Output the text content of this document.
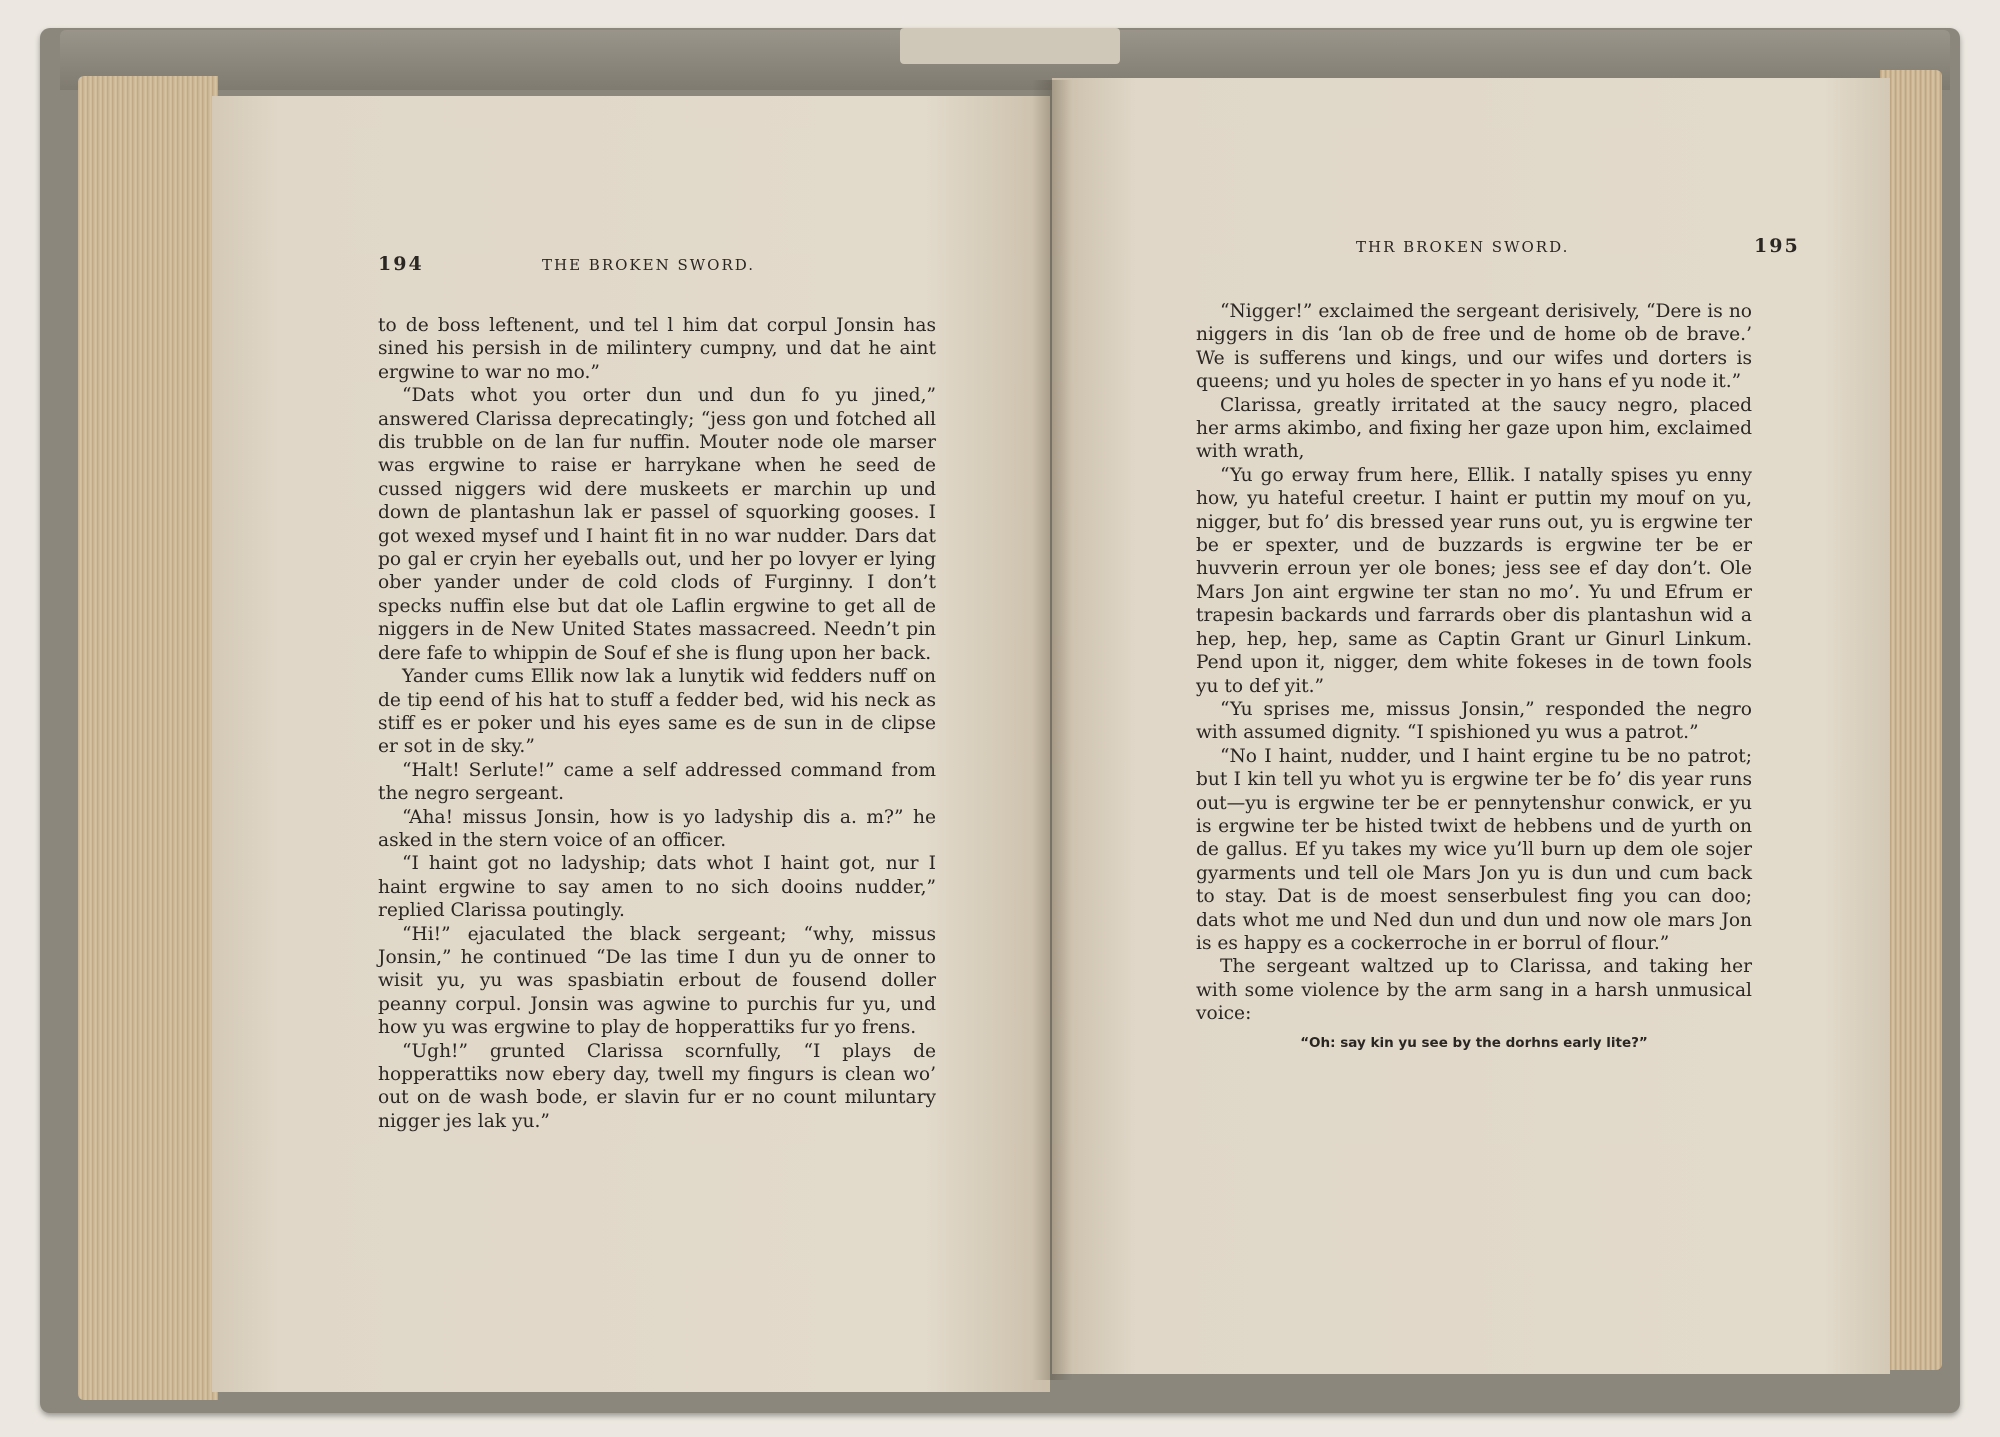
194	THE BROKEN SWORD.

to de boss leftenent, und tel l him dat corpul Jonsin has sined his persish in de milintery cumpny, und dat he aint ergwine to war no mo.”

“Dats whot you orter dun und dun fo yu jined,” answered Clarissa deprecatingly; “jess gon und fotched all dis trubble on de lan fur nuffin. Mouter node ole marser was ergwine to raise er harrykane when he seed de cussed niggers wid dere muskeets er marchin up und down de plantashun lak er passel of squorking gooses. I got wexed mysef und I haint fit in no war nudder. Dars dat po gal er cryin her eyeballs out, und her po lovyer er lying ober yander under de cold clods of Furginny. I don’t specks nuffin else but dat ole Laflin ergwine to get all de niggers in de New United States massacreed. Needn’t pin dere fafe to whippin de Souf ef she is flung upon her back.

Yander cums Ellik now lak a lunytik wid fedders nuff on de tip eend of his hat to stuff a fedder bed, wid his neck as stiff es er poker und his eyes same es de sun in de clipse er sot in de sky.”

“Halt! Serlute!” came a self addressed command from the negro sergeant.

“Aha! missus Jonsin, how is yo ladyship dis a. m?” he asked in the stern voice of an officer.

“I haint got no ladyship; dats whot I haint got, nur I haint ergwine to say amen to no sich dooins nudder,” replied Clarissa poutingly.

“Hi!” ejaculated the black sergeant; “why, missus Jonsin,” he continued “De las time I dun yu de onner to wisit yu, yu was spasbiatin erbout de fousend doller peanny corpul. Jonsin was agwine to purchis fur yu, und how yu was ergwine to play de hopperattiks fur yo frens.

“Ugh!” grunted Clarissa scornfully, “I plays de hopperattiks now ebery day, twell my fingurs is clean wo’ out on de wash bode, er slavin fur er no count miluntary nigger jes lak yu.”

THR BROKEN SWORD.	195

“Nigger!” exclaimed the sergeant derisively, “Dere is no niggers in dis ‘lan ob de free und de home ob de brave.’ We is sufferens und kings, und our wifes und dorters is queens; und yu holes de specter in yo hans ef yu node it.”

Clarissa, greatly irritated at the saucy negro, placed her arms akimbo, and fixing her gaze upon him, exclaimed with wrath,

“Yu go erway frum here, Ellik. I natally spises yu enny how, yu hateful creetur. I haint er puttin my mouf on yu, nigger, but fo’ dis bressed year runs out, yu is ergwine ter be er spexter, und de buzzards is ergwine ter be er huvverin erroun yer ole bones; jess see ef day don’t. Ole Mars Jon aint ergwine ter stan no mo’. Yu und Efrum er trapesin backards und farrards ober dis plantashun wid a hep, hep, hep, same as Captin Grant ur Ginurl Linkum. Pend upon it, nigger, dem white fokeses in de town fools yu to def yit.”

“Yu sprises me, missus Jonsin,” responded the negro with assumed dignity. “I spishioned yu wus a patrot.”

“No I haint, nudder, und I haint ergine tu be no patrot; but I kin tell yu whot yu is ergwine ter be fo’ dis year runs out—yu is ergwine ter be er pennytenshur conwick, er yu is ergwine ter be histed twixt de hebbens und de yurth on de gallus. Ef yu takes my wice yu’ll burn up dem ole sojer gyarments und tell ole Mars Jon yu is dun und cum back to stay. Dat is de moest senserbulest fing you can doo; dats whot me und Ned dun und dun und now ole mars Jon is es happy es a cockerroche in er borrul of flour.”

The sergeant waltzed up to Clarissa, and taking her with some violence by the arm sang in a harsh unmusical voice:

“Oh: say kin yu see by the dorhns early lite?”
